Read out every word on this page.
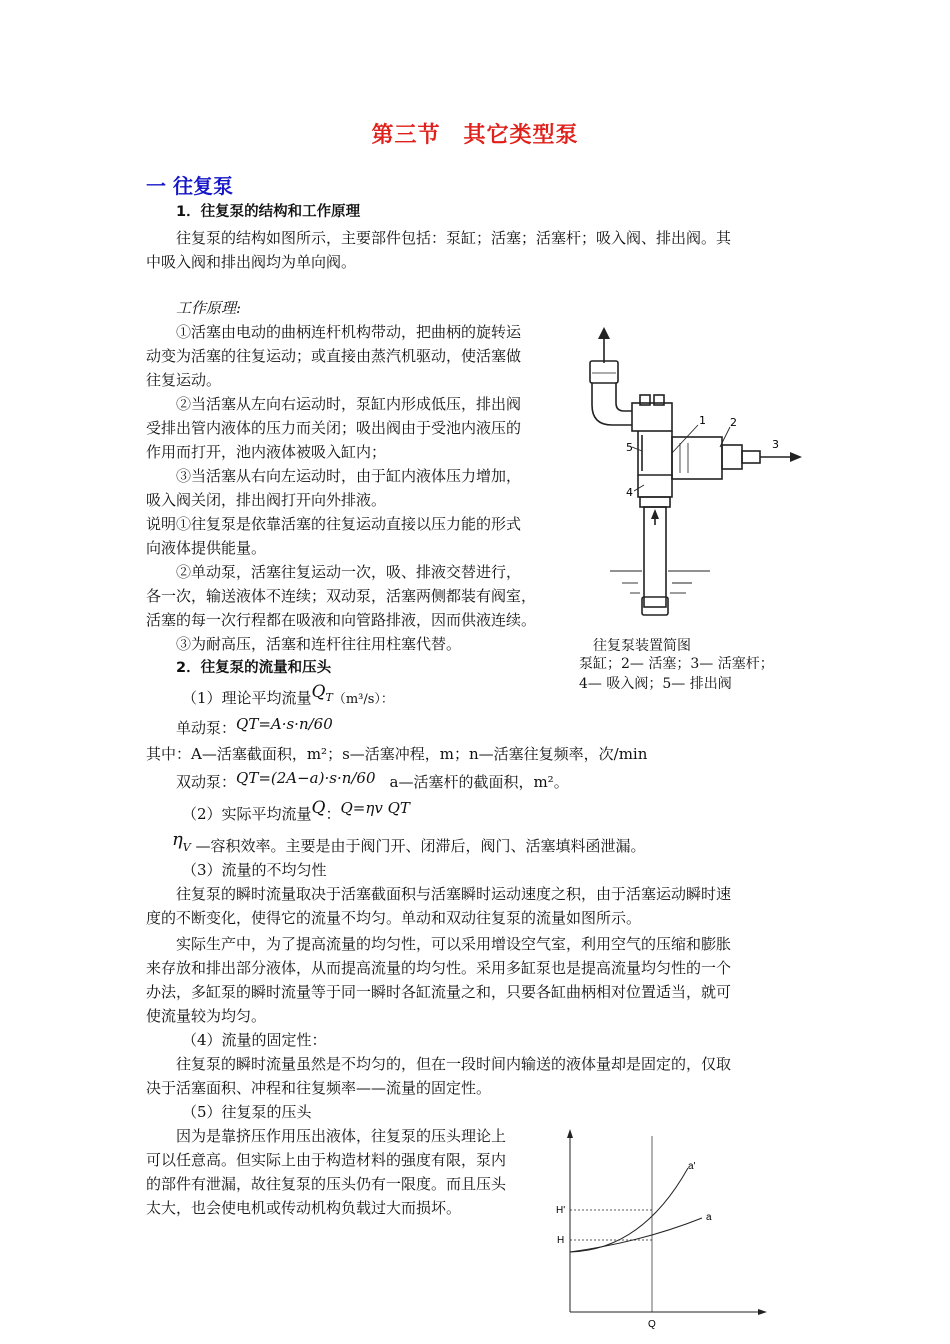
第三节　其它类型泵
一 往复泵
1．往复泵的结构和工作原理
往复泵的结构如图所示，主要部件包括：泵缸；活塞；活塞杆；吸入阀、排出阀。其
中吸入阀和排出阀均为单向阀。
工作原理:
①活塞由电动的曲柄连杆机构带动，把曲柄的旋转运
动变为活塞的往复运动；或直接由蒸汽机驱动，使活塞做
往复运动。
②当活塞从左向右运动时，泵缸内形成低压，排出阀
受排出管内液体的压力而关闭；吸出阀由于受池内液压的
作用而打开，池内液体被吸入缸内；
③当活塞从右向左运动时，由于缸内液体压力增加，
吸入阀关闭，排出阀打开向外排液。
说明①往复泵是依靠活塞的往复运动直接以压力能的形式
向液体提供能量。
②单动泵，活塞往复运动一次，吸、排液交替进行，
各一次，输送液体不连续；双动泵，活塞两侧都装有阀室，
活塞的每一次行程都在吸液和向管路排液，因而供液连续。
③为耐高压，活塞和连杆往往用柱塞代替。
1 2
3
4
5
往复泵装置简图
泵缸；2— 活塞；3— 活塞杆；
4— 吸入阀；5— 排出阀
2．往复泵的流量和压头
（1）理论平均流量QT（m³/s）：
单动泵：QT=A·s·n/60
其中：A—活塞截面积，m²；s—活塞冲程，m；n—活塞往复频率，次/min
双动泵：QT=(2A−a)·s·n/60 a—活塞杆的截面积，m²。
（2）实际平均流量Q：Q=ηv QT
ηV —容积效率。主要是由于阀门开、闭滞后，阀门、活塞填料函泄漏。
（3）流量的不均匀性
往复泵的瞬时流量取决于活塞截面积与活塞瞬时运动速度之积，由于活塞运动瞬时速
度的不断变化，使得它的流量不均匀。单动和双动往复泵的流量如图所示。
实际生产中，为了提高流量的均匀性，可以采用增设空气室，利用空气的压缩和膨胀
来存放和排出部分液体，从而提高流量的均匀性。采用多缸泵也是提高流量均匀性的一个
办法，多缸泵的瞬时流量等于同一瞬时各缸流量之和，只要各缸曲柄相对位置适当，就可
使流量较为均匀。
（4）流量的固定性：
往复泵的瞬时流量虽然是不均匀的，但在一段时间内输送的液体量却是固定的，仅取
决于活塞面积、冲程和往复频率——流量的固定性。
（5）往复泵的压头
因为是靠挤压作用压出液体，往复泵的压头理论上
可以任意高。但实际上由于构造材料的强度有限，泵内
的部件有泄漏，故往复泵的压头仍有一限度。而且压头
太大，也会使电机或传动机构负载过大而损坏。
a'
a
H'
H
Q
